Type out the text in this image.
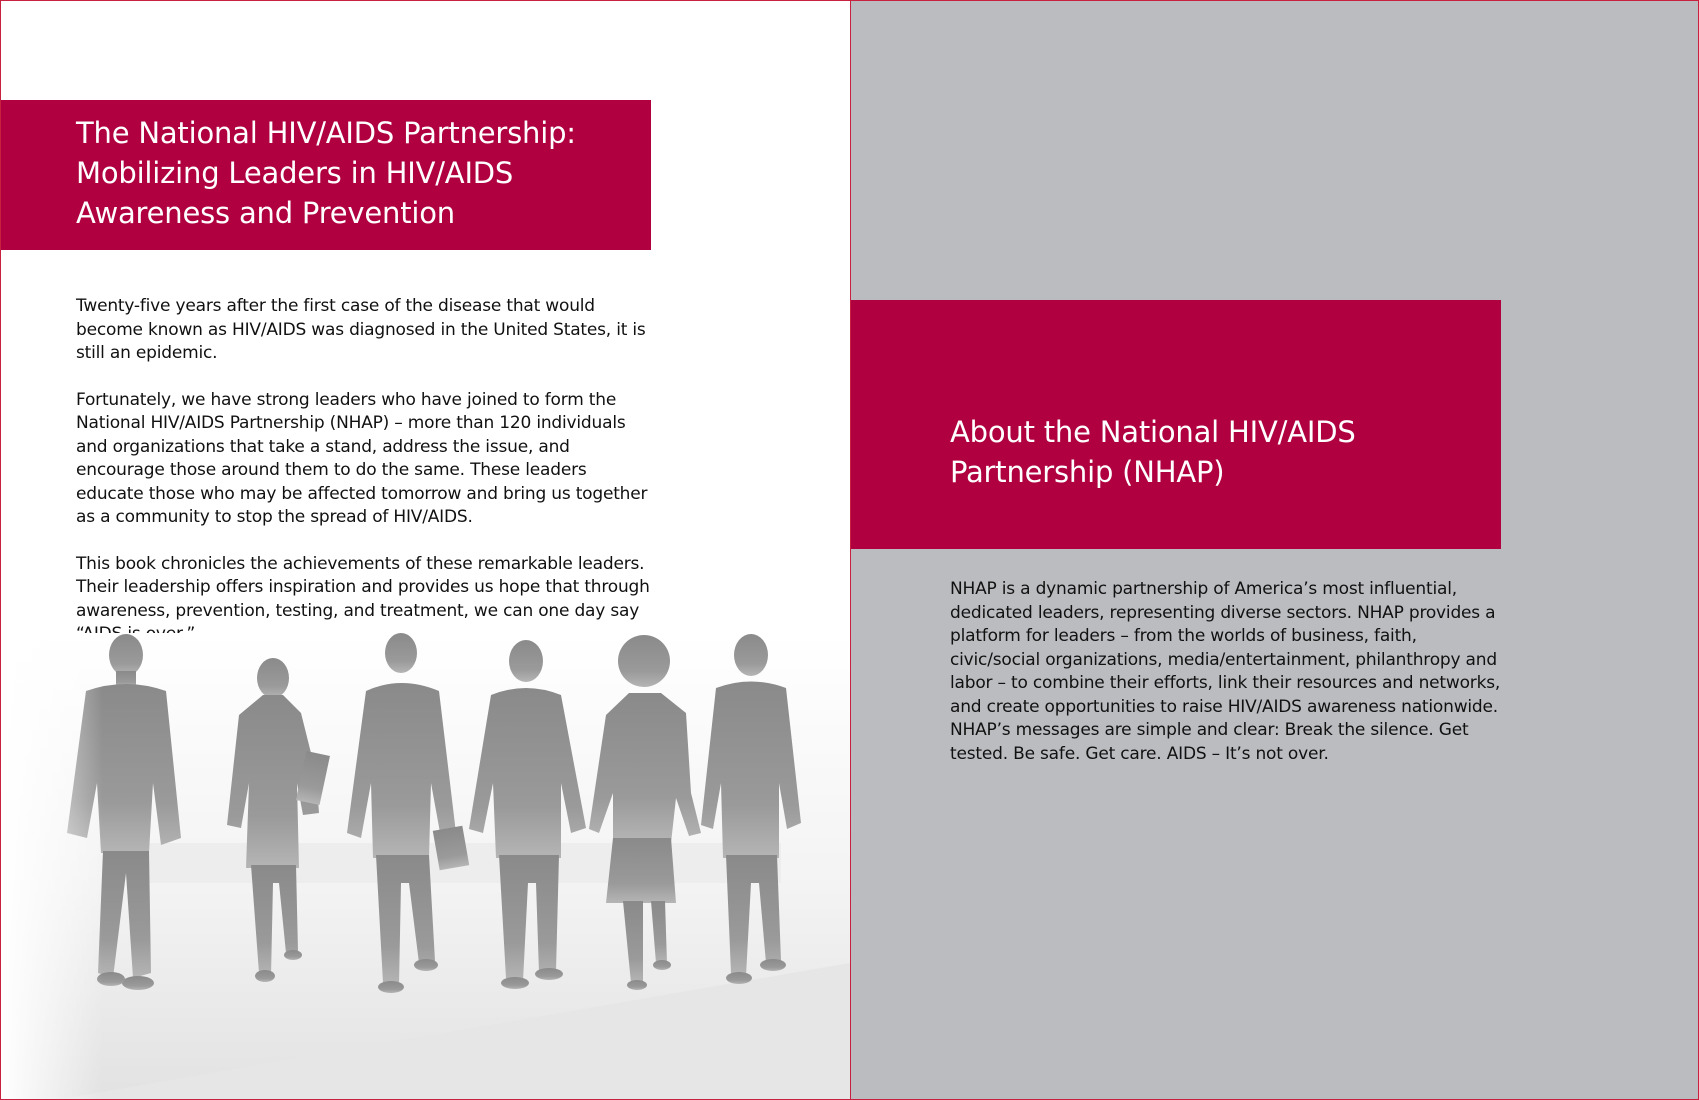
The National HIV/AIDS Partnership:
Mobilizing Leaders in HIV/AIDS
Awareness and Prevention

Twenty-five years after the first case of the disease that would become known as HIV/AIDS was diagnosed in the United States, it is still an epidemic.

Fortunately, we have strong leaders who have joined to form the National HIV/AIDS Partnership (NHAP) – more than 120 individuals and organizations that take a stand, address the issue, and encourage those around them to do the same. These leaders educate those who may be affected tomorrow and bring us together as a community to stop the spread of HIV/AIDS.

This book chronicles the achievements of these remarkable leaders. Their leadership offers inspiration and provides us hope that through awareness, prevention, testing, and treatment, we can one day say

About the National HIV/AIDS
Partnership (NHAP)

NHAP is a dynamic partnership of America’s most influential, dedicated leaders, representing diverse sectors. NHAP provides a platform for leaders – from the worlds of business, faith, civic/social organizations, media/entertainment, philanthropy and labor – to combine their efforts, link their resources and networks, and create opportunities to raise HIV/AIDS awareness nationwide. NHAP’s messages are simple and clear: Break the silence. Get tested. Be safe. Get care. AIDS – It’s not over.
